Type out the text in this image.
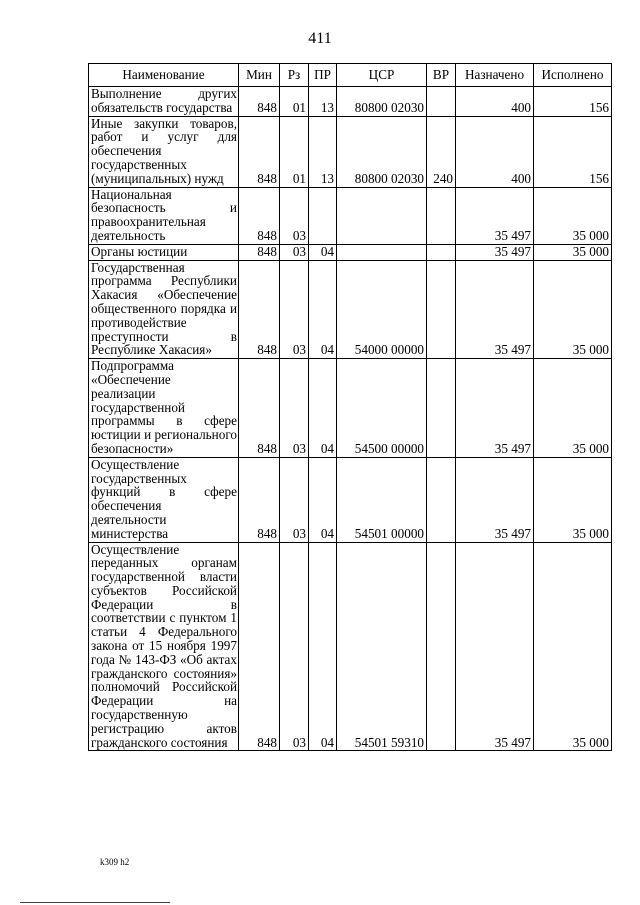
411
Наименование	Мин	Рз	ПР	ЦСР	ВР	Назначено	Исполнено
Выполнение других обязательств государства	848	01	13	80800 02030		400	156
Иные закупки товаров, работ и услуг для обеспечения государственных (муниципальных) нужд	848	01	13	80800 02030	240	400	156
Национальная безопасность и правоохранительная деятельность	848	03				35 497	35 000
Органы юстиции	848	03	04			35 497	35 000
Государственная программа Республики Хакасия «Обеспечение общественного порядка и противодействие преступности в Республике Хакасия»	848	03	04	54000 00000		35 497	35 000
Подпрограмма «Обеспечение реализации государственной программы в сфере юстиции и регионального безопасности»	848	03	04	54500 00000		35 497	35 000
Осуществление государственных функций в сфере обеспечения деятельности министерства	848	03	04	54501 00000		35 497	35 000
Осуществление переданных органам государственной власти субъектов Российской Федерации в соответствии с пунктом 1 статьи 4 Федерального закона от 15 ноября 1997 года № 143-ФЗ «Об актах гражданского состояния» полномочий Российской Федерации на государственную регистрацию актов гражданского состояния	848	03	04	54501 59310		35 497	35 000
k309 h2
